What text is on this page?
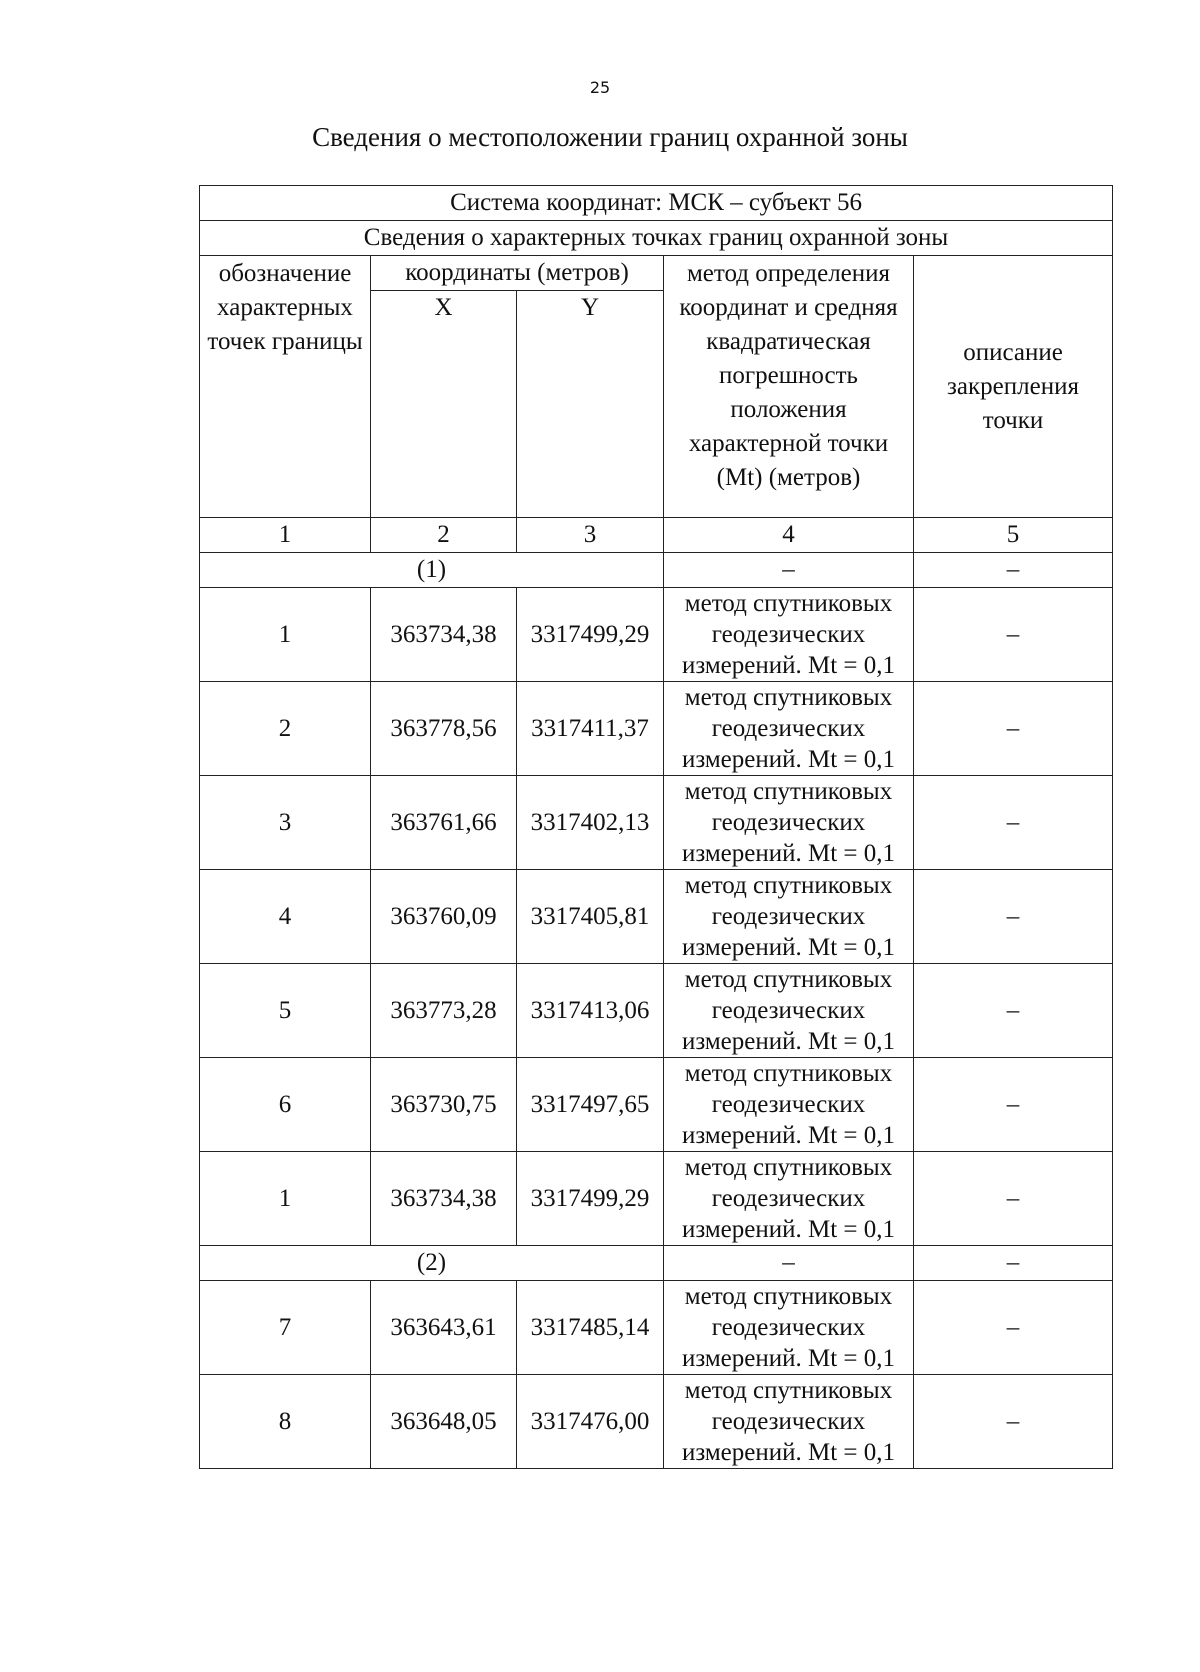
25
Сведения о местоположении границ охранной зоны
Система координат: МСК – субъект 56				
Сведения о характерных точках границ охранной зоны				
обозначение характерных точек границы	координаты (метров)		метод определения координат и средняя квадратическая погрешность положения характерной точки (Mt) (метров)	описание закрепления точки
	X	Y		
1	2	3	4	5
(1)			–	–
1	363734,38	3317499,29	метод спутниковых геодезических измерений. Mt = 0,1	–
2	363778,56	3317411,37	метод спутниковых геодезических измерений. Mt = 0,1	–
3	363761,66	3317402,13	метод спутниковых геодезических измерений. Mt = 0,1	–
4	363760,09	3317405,81	метод спутниковых геодезических измерений. Mt = 0,1	–
5	363773,28	3317413,06	метод спутниковых геодезических измерений. Mt = 0,1	–
6	363730,75	3317497,65	метод спутниковых геодезических измерений. Mt = 0,1	–
1	363734,38	3317499,29	метод спутниковых геодезических измерений. Mt = 0,1	–
(2)			–	–
7	363643,61	3317485,14	метод спутниковых геодезических измерений. Mt = 0,1	–
8	363648,05	3317476,00	метод спутниковых геодезических измерений. Mt = 0,1	–
